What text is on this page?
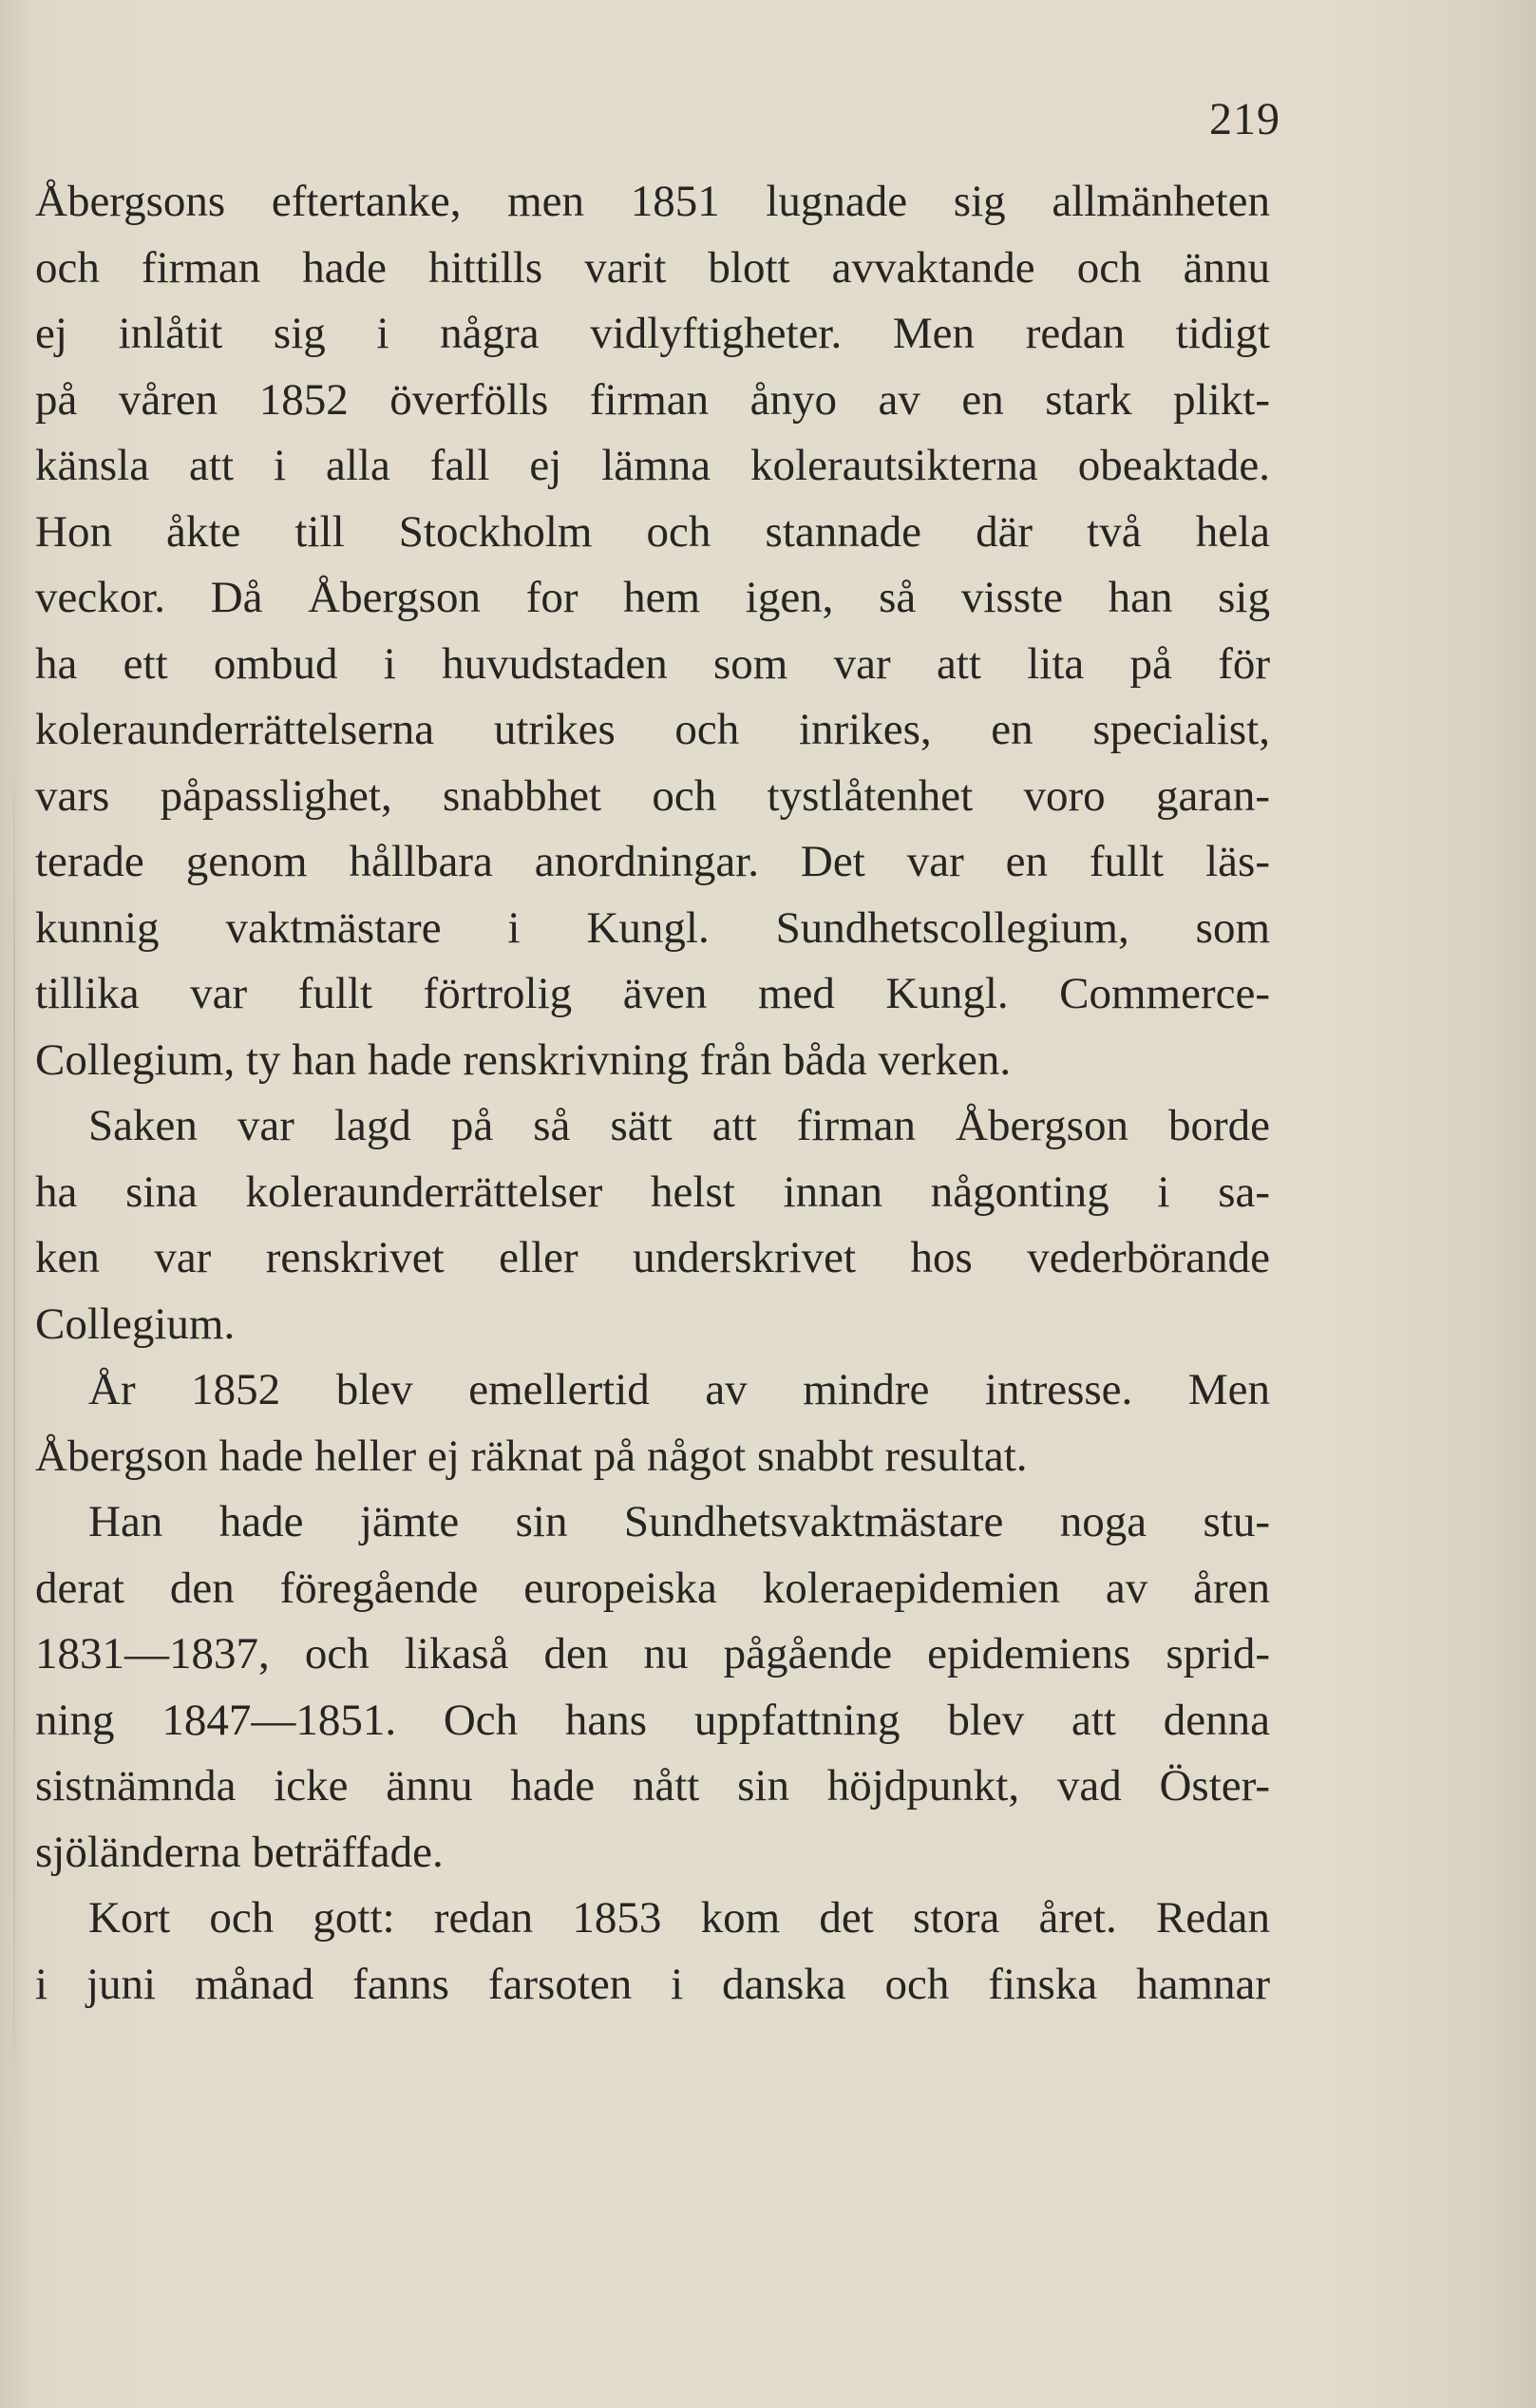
219
Åbergsons eftertanke, men 1851 lugnade sig allmänheten
och firman hade hittills varit blott avvaktande och ännu
ej inlåtit sig i några vidlyftigheter. Men redan tidigt
på våren 1852 överfölls firman ånyo av en stark plikt-
känsla att i alla fall ej lämna kolerautsikterna obeaktade.
Hon åkte till Stockholm och stannade där två hela
veckor. Då Åbergson for hem igen, så visste han sig
ha ett ombud i huvudstaden som var att lita på för
koleraunderrättelserna utrikes och inrikes, en specialist,
vars påpasslighet, snabbhet och tystlåtenhet voro garan-
terade genom hållbara anordningar. Det var en fullt läs-
kunnig vaktmästare i Kungl. Sundhetscollegium, som
tillika var fullt förtrolig även med Kungl. Commerce-
Collegium, ty han hade renskrivning från båda verken.
Saken var lagd på så sätt att firman Åbergson borde
ha sina koleraunderrättelser helst innan någonting i sa-
ken var renskrivet eller underskrivet hos vederbörande
Collegium.
År 1852 blev emellertid av mindre intresse. Men
Åbergson hade heller ej räknat på något snabbt resultat.
Han hade jämte sin Sundhetsvaktmästare noga stu-
derat den föregående europeiska koleraepidemien av åren
1831—1837, och likaså den nu pågående epidemiens sprid-
ning 1847—1851. Och hans uppfattning blev att denna
sistnämnda icke ännu hade nått sin höjdpunkt, vad Öster-
sjöländerna beträffade.
Kort och gott: redan 1853 kom det stora året. Redan
i juni månad fanns farsoten i danska och finska hamnar
